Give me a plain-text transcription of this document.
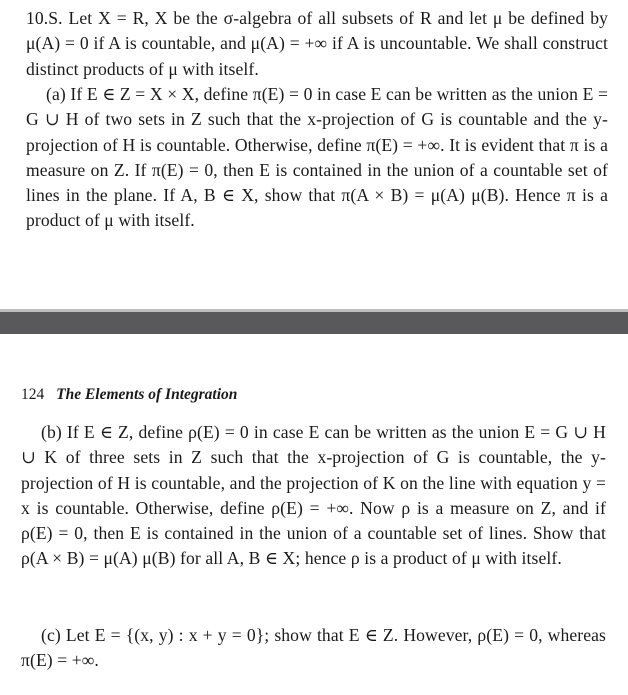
10.S. Let X = R, X be the σ-algebra of all subsets of R and let μ be defined by μ(A) = 0 if A is countable, and μ(A) = +∞ if A is uncountable. We shall construct distinct products of μ with itself.

(a) If E ∈ Z = X × X, define π(E) = 0 in case E can be written as the union E = G ∪ H of two sets in Z such that the x-projection of G is countable and the y-projection of H is countable. Otherwise, define π(E) = +∞. It is evident that π is a measure on Z. If π(E) = 0, then E is contained in the union of a countable set of lines in the plane. If A, B ∈ X, show that π(A × B) = μ(A) μ(B). Hence π is a product of μ with itself.

124 The Elements of Integration

(b) If E ∈ Z, define ρ(E) = 0 in case E can be written as the union E = G ∪ H ∪ K of three sets in Z such that the x-projection of G is countable, the y-projection of H is countable, and the projection of K on the line with equation y = x is countable. Otherwise, define ρ(E) = +∞. Now ρ is a measure on Z, and if ρ(E) = 0, then E is contained in the union of a countable set of lines. Show that ρ(A × B) = μ(A) μ(B) for all A, B ∈ X; hence ρ is a product of μ with itself.

(c) Let E = {(x, y) : x + y = 0}; show that E ∈ Z. However, ρ(E) = 0, whereas π(E) = +∞.
